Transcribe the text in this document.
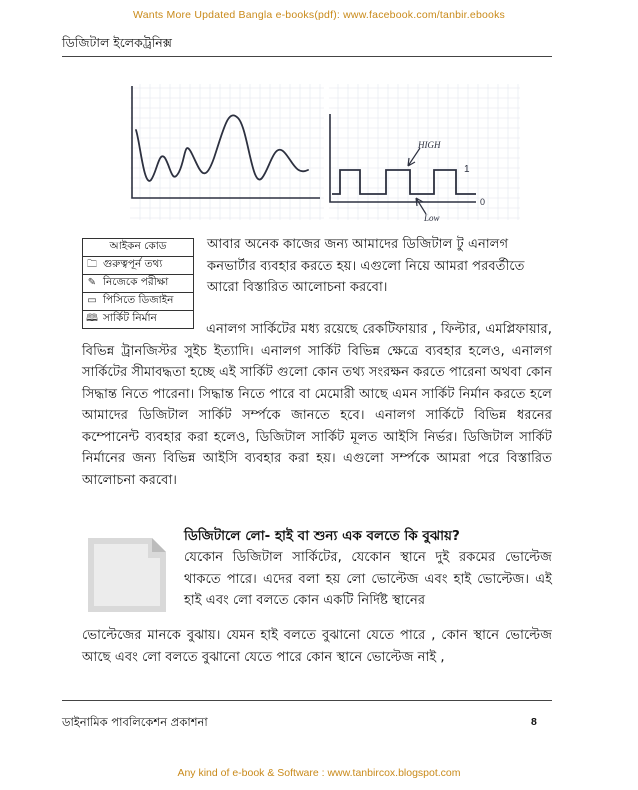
Wants More Updated Bangla e-books(pdf): www.facebook.com/tanbir.ebooks
ডিজিটাল ইলেকট্রনিক্স
HIGH
Low
1
0
আইকন কোড
🗀 গুরুত্বপূর্ন তথ্য
✎ নিজেকে পরীক্ষা
▭ পিসিতে ডিজাইন
🕮 সার্কিট নির্মান
আবার অনেক কাজের জন্য আমাদের ডিজিটাল টু এনালগ কনভার্টার ব্যবহার করতে হয়। এগুলো নিয়ে আমরা পরবর্তীতে আরো বিস্তারিত আলোচনা করবো।
এনালগ সার্কিটের মধ্য রয়েছে রেকটিফায়ার , ফিল্টার, এমপ্লিফায়ার, বিভিন্ন ট্রানজিস্টর সুইচ ইত্যাদি। এনালগ সার্কিট বিভিন্ন ক্ষেত্রে ব্যবহার হলেও, এনালগ সার্কিটের সীমাবদ্ধতা হচ্ছে এই সার্কিট গুলো কোন তথ্য সংরক্ষন করতে পারেনা অথবা কোন সিদ্ধান্ত নিতে পারেনা। সিদ্ধান্ত নিতে পারে বা মেমোরী আছে এমন সার্কিট নির্মান করতে হলে আমাদের ডিজিটাল সার্কিট সর্ম্পকে জানতে হবে। এনালগ সার্কিটে বিভিন্ন ধরনের কম্পোনেন্ট ব্যবহার করা হলেও, ডিজিটাল সার্কিট মূলত আইসি নির্ভর। ডিজিটাল সার্কিট নির্মানের জন্য বিভিন্ন আইসি ব্যবহার করা হয়। এগুলো সর্ম্পকে আমরা পরে বিস্তারিত আলোচনা করবো।
ডিজিটালে লো- হাই বা শুন্য এক বলতে কি বুঝায়?
যেকোন ডিজিটাল সার্কিটের, যেকোন স্থানে দুই রকমের ভোল্টেজ থাকতে পারে। এদের বলা হয় লো ভোল্টেজ এবং হাই ভোল্টেজ। এই হাই এবং লো বলতে কোন একটি নির্দিষ্ট স্থানের
ভোল্টেজের মানকে বুঝায়। যেমন হাই বলতে বুঝানো যেতে পারে , কোন স্থানে ভোল্টেজ আছে এবং লো বলতে বুঝানো যেতে পারে কোন স্থানে ভোল্টেজ নাই ,
ডাইনামিক পাবলিকেশন প্রকাশনা	8
Any kind of e-book & Software : www.tanbircox.blogspot.com
